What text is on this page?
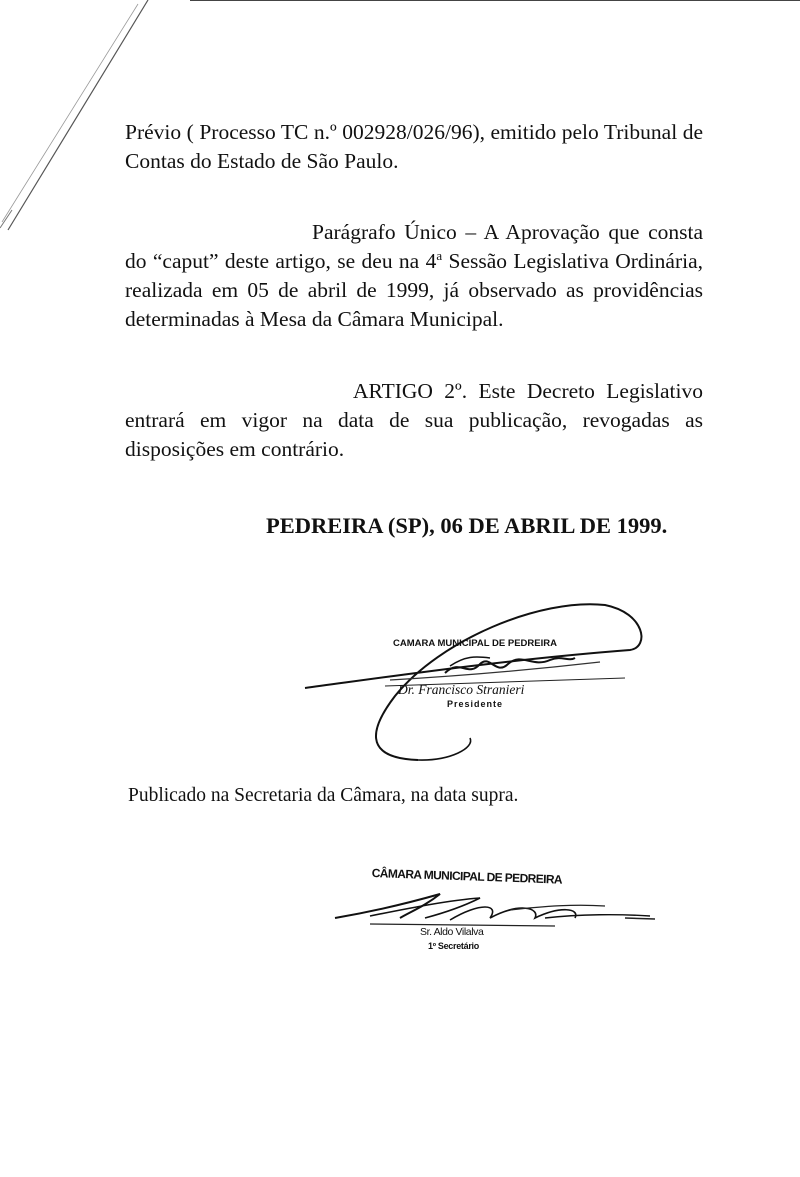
Prévio ( Processo TC n.º 002928/026/96), emitido pelo Tribunal de Contas do Estado de São Paulo.

Parágrafo Único – A Aprovação que consta do “caput” deste artigo, se deu na 4$^a$ Sessão Legislativa Ordinária, realizada em 05 de abril de 1999, já observado as providências determinadas à Mesa da Câmara Municipal.

ARTIGO 2º. Este Decreto Legislativo entrará em vigor na data de sua publicação, revogadas as disposições em contrário.

PEDREIRA (SP), 06 DE ABRIL DE 1999.
CAMARA MUNICIPAL DE PEDREIRA
Dr. Francisco Stranieri
Presidente
Publicado na Secretaria da Câmara, na data supra.
CÂMARA MUNICIPAL DE PEDREIRA
Sr. Aldo Vilalva
1º Secretário
